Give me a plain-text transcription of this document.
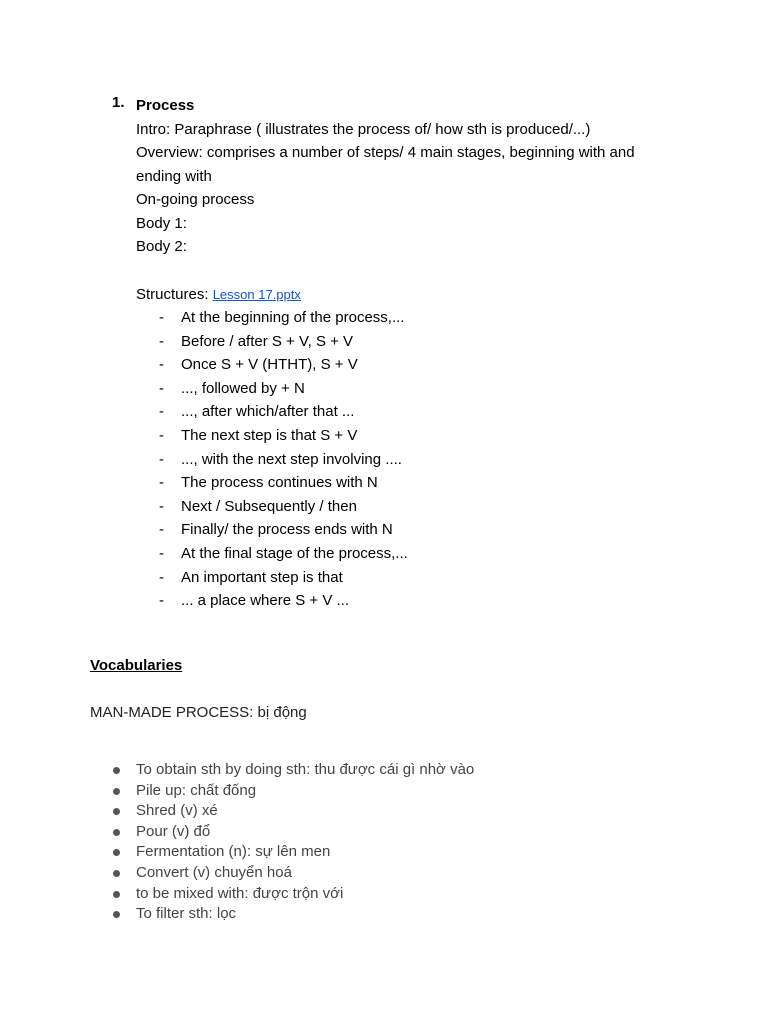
1. Process

Intro: Paraphrase ( illustrates the process of/ how sth is produced/...)

Overview: comprises a number of steps/ 4 main stages, beginning with and

ending with

On-going process

Body 1:

Body 2:

Structures: Lesson 17.pptx

- At the beginning of the process,...
- Before / after S + V, S + V
- Once S + V (HTHT), S + V
- ..., followed by + N
- ..., after which/after that ...
- The next step is that S + V
- ..., with the next step involving ....
- The process continues with N
- Next / Subsequently / then
- Finally/ the process ends with N
- At the final stage of the process,...
- An important step is that
- ... a place where S + V ...
Vocabularies
MAN-MADE PROCESS: bị động
To obtain sth by doing sth: thu được cái gì nhờ vào
Pile up: chất đống
Shred (v) xé
Pour (v) đổ
Fermentation (n): sự lên men
Convert (v) chuyển hoá
to be mixed with: được trộn với
To filter sth: lọc
